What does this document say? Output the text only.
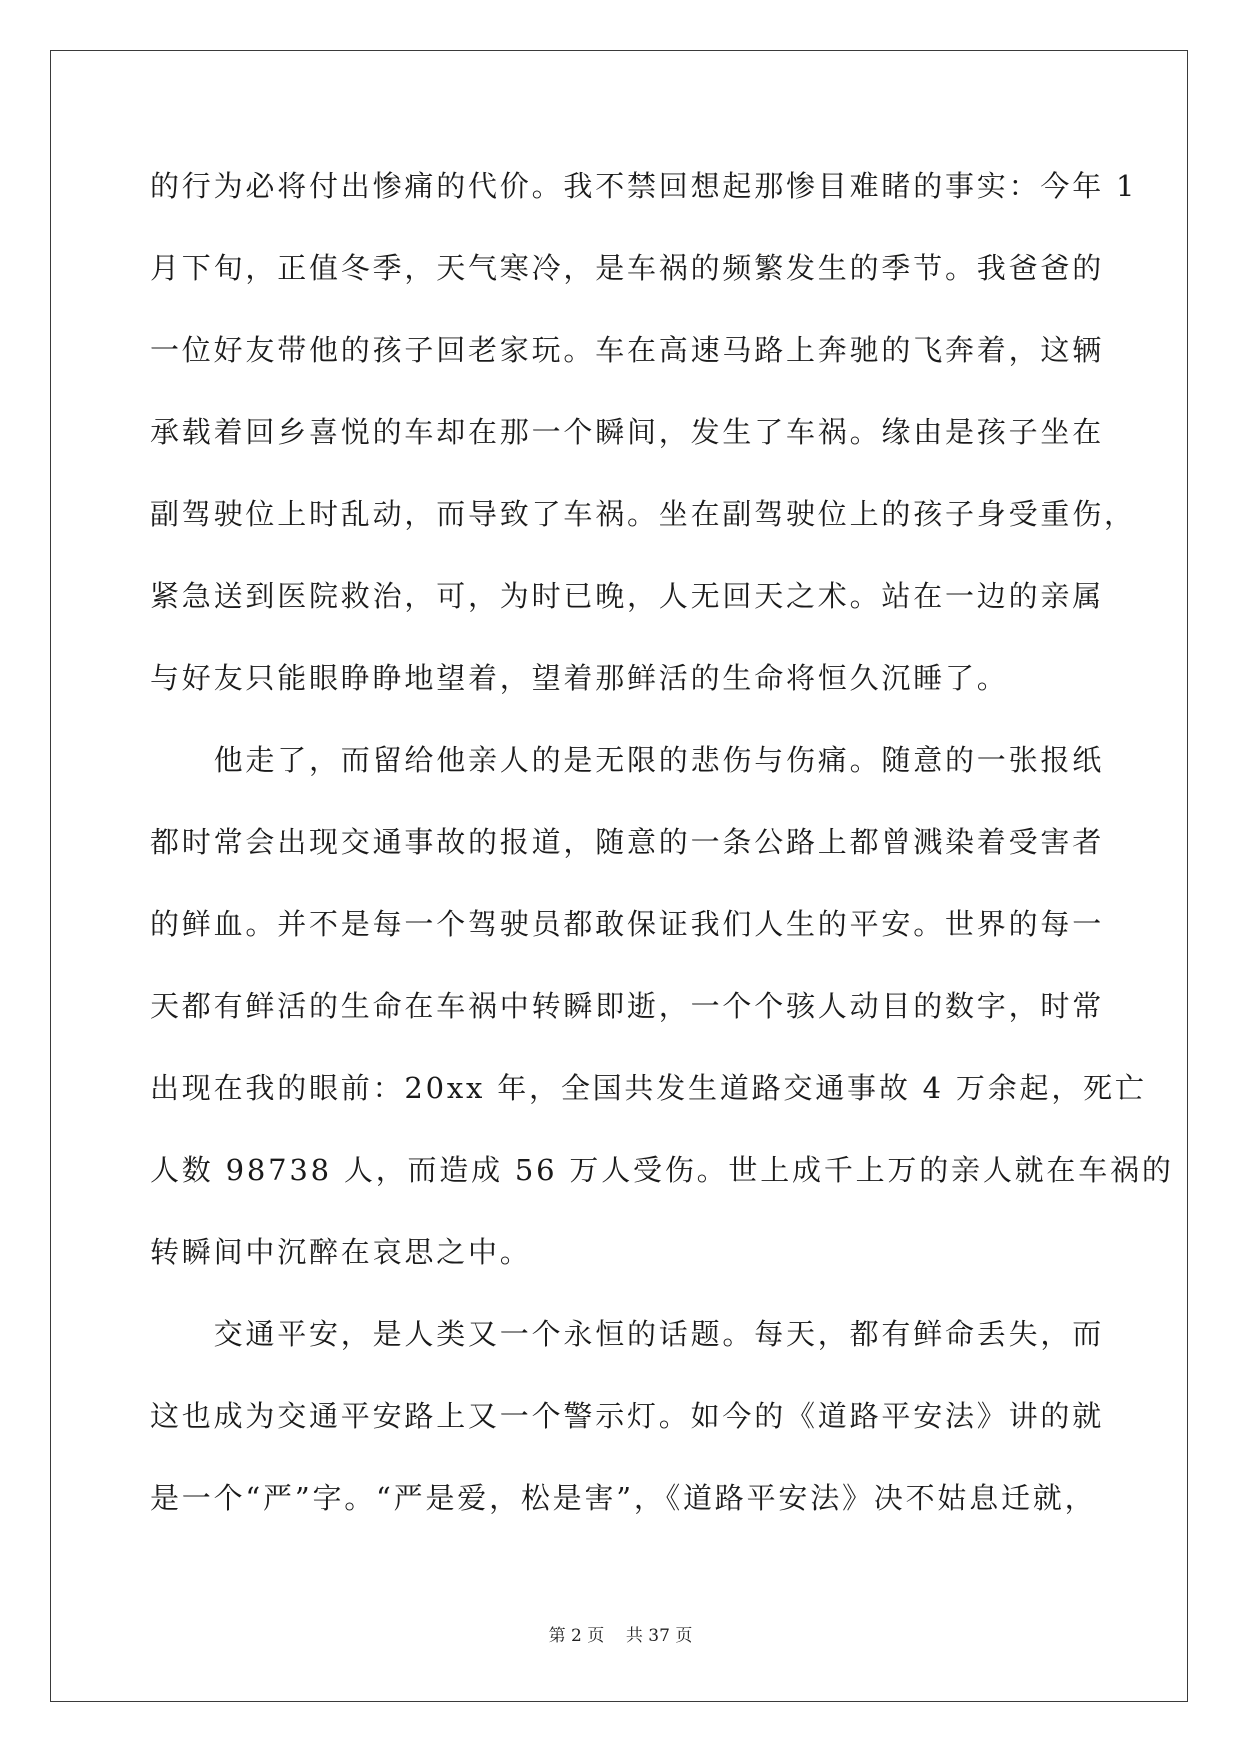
的行为必将付出惨痛的代价。我不禁回想起那惨目难睹的事实：今年 1
月下旬，正值冬季，天气寒冷，是车祸的频繁发生的季节。我爸爸的
一位好友带他的孩子回老家玩。车在高速马路上奔驰的飞奔着，这辆
承载着回乡喜悦的车却在那一个瞬间，发生了车祸。缘由是孩子坐在
副驾驶位上时乱动，而导致了车祸。坐在副驾驶位上的孩子身受重伤，
紧急送到医院救治，可，为时已晚，人无回天之术。站在一边的亲属
与好友只能眼睁睁地望着，望着那鲜活的生命将恒久沉睡了。
　　他走了，而留给他亲人的是无限的悲伤与伤痛。随意的一张报纸
都时常会出现交通事故的报道，随意的一条公路上都曾溅染着受害者
的鲜血。并不是每一个驾驶员都敢保证我们人生的平安。世界的每一
天都有鲜活的生命在车祸中转瞬即逝，一个个骇人动目的数字，时常
出现在我的眼前：20xx 年，全国共发生道路交通事故 4 万余起，死亡
人数 98738 人，而造成 56 万人受伤。世上成千上万的亲人就在车祸的
转瞬间中沉醉在哀思之中。
　　交通平安，是人类又一个永恒的话题。每天，都有鲜命丢失，而
这也成为交通平安路上又一个警示灯。如今的《道路平安法》讲的就
是一个“严”字。“严是爱，松是害”，《道路平安法》决不姑息迁就，
第 2 页 共 37 页
